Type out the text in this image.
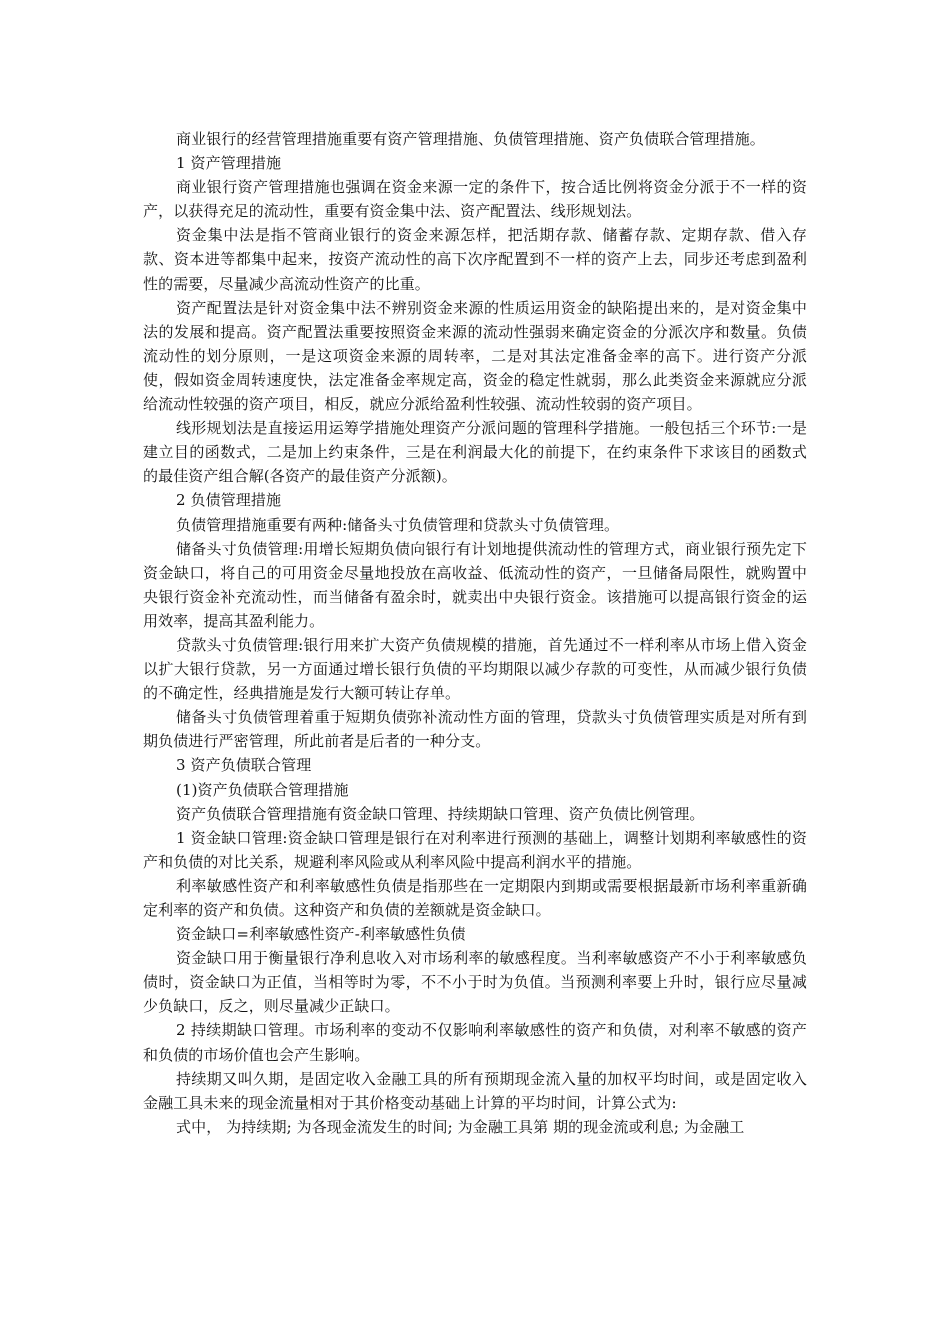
商业银行的经营管理措施重要有资产管理措施、负债管理措施、资产负债联合管理措施。

1 资产管理措施

商业银行资产管理措施也强调在资金来源一定的条件下，按合适比例将资金分派于不一样的资产，以获得充足的流动性，重要有资金集中法、资产配置法、线形规划法。

资金集中法是指不管商业银行的资金来源怎样，把活期存款、储蓄存款、定期存款、借入存款、资本进等都集中起来，按资产流动性的高下次序配置到不一样的资产上去，同步还考虑到盈利性的需要，尽量减少高流动性资产的比重。

资产配置法是针对资金集中法不辨别资金来源的性质运用资金的缺陷提出来的，是对资金集中法的发展和提高。资产配置法重要按照资金来源的流动性强弱来确定资金的分派次序和数量。负债流动性的划分原则，一是这项资金来源的周转率，二是对其法定准备金率的高下。进行资产分派使，假如资金周转速度快，法定准备金率规定高，资金的稳定性就弱，那么此类资金来源就应分派给流动性较强的资产项目，相反，就应分派给盈利性较强、流动性较弱的资产项目。

线形规划法是直接运用运筹学措施处理资产分派问题的管理科学措施。一般包括三个环节:一是建立目的函数式，二是加上约束条件，三是在利润最大化的前提下，在约束条件下求该目的函数式的最佳资产组合解(各资产的最佳资产分派额)。

2 负债管理措施

负债管理措施重要有两种:储备头寸负债管理和贷款头寸负债管理。

储备头寸负债管理:用增长短期负债向银行有计划地提供流动性的管理方式，商业银行预先定下资金缺口，将自己的可用资金尽量地投放在高收益、低流动性的资产，一旦储备局限性，就购置中央银行资金补充流动性，而当储备有盈余时，就卖出中央银行资金。该措施可以提高银行资金的运用效率，提高其盈利能力。

贷款头寸负债管理:银行用来扩大资产负债规模的措施，首先通过不一样利率从市场上借入资金以扩大银行贷款，另一方面通过增长银行负债的平均期限以减少存款的可变性，从而减少银行负债的不确定性，经典措施是发行大额可转让存单。

储备头寸负债管理着重于短期负债弥补流动性方面的管理，贷款头寸负债管理实质是对所有到期负债进行严密管理，所此前者是后者的一种分支。

3 资产负债联合管理

(1)资产负债联合管理措施

资产负债联合管理措施有资金缺口管理、持续期缺口管理、资产负债比例管理。

1 资金缺口管理:资金缺口管理是银行在对利率进行预测的基础上，调整计划期利率敏感性的资产和负债的对比关系，规避利率风险或从利率风险中提高利润水平的措施。

利率敏感性资产和利率敏感性负债是指那些在一定期限内到期或需要根据最新市场利率重新确定利率的资产和负债。这种资产和负债的差额就是资金缺口。

资金缺口=利率敏感性资产-利率敏感性负债

资金缺口用于衡量银行净利息收入对市场利率的敏感程度。当利率敏感资产不小于利率敏感负债时，资金缺口为正值，当相等时为零，不不小于时为负值。当预测利率要上升时，银行应尽量减少负缺口，反之，则尽量减少正缺口。

2 持续期缺口管理。市场利率的变动不仅影响利率敏感性的资产和负债，对利率不敏感的资产和负债的市场价值也会产生影响。

持续期又叫久期，是固定收入金融工具的所有预期现金流入量的加权平均时间，或是固定收入金融工具未来的现金流量相对于其价格变动基础上计算的平均时间，计算公式为:

式中， 为持续期; 为各现金流发生的时间; 为金融工具第 期的现金流或利息; 为金融工
